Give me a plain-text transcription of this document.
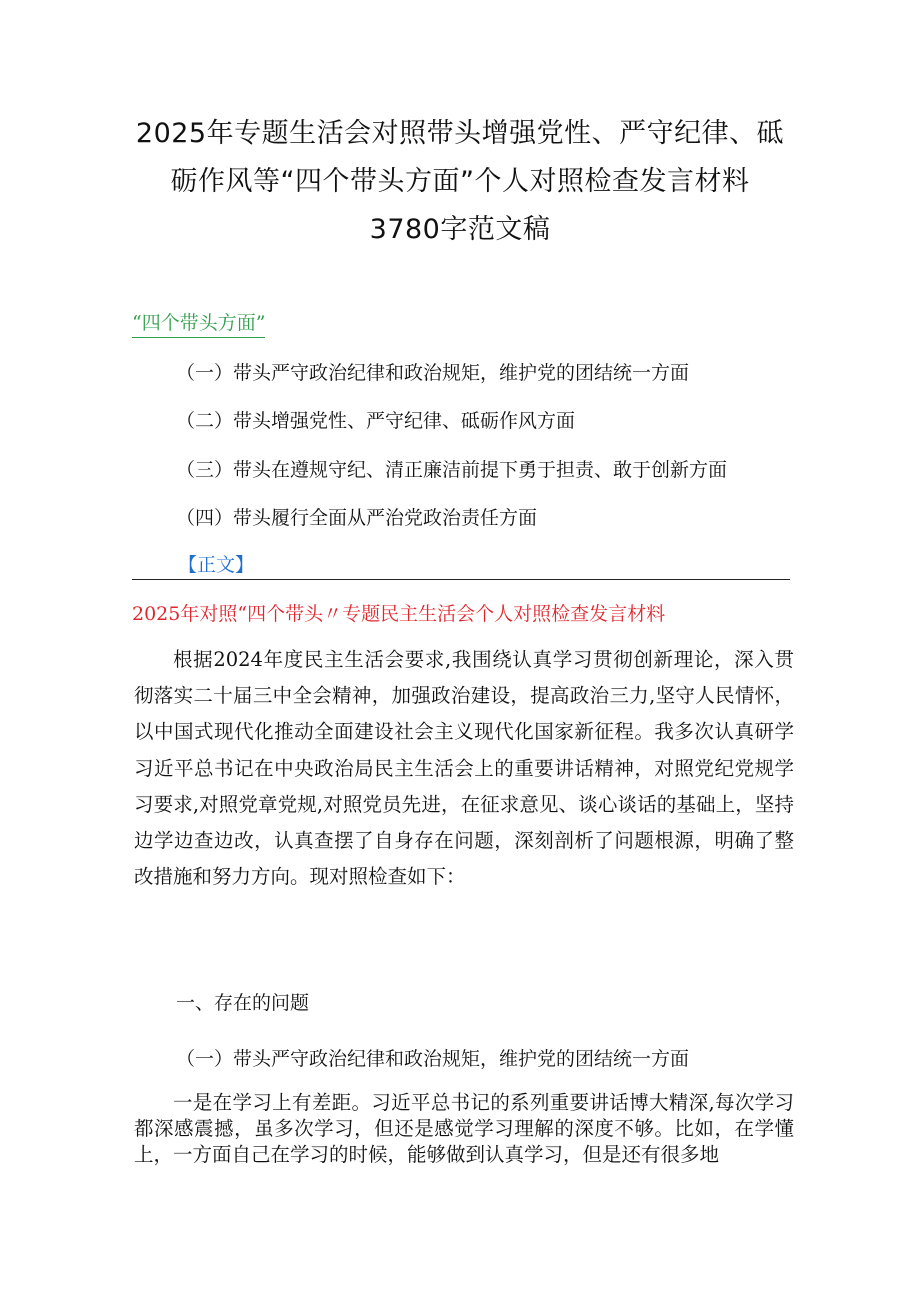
2025年专题生活会对照带头增强党性、严守纪律、砥
砺作风等“四个带头方面”个人对照检查发言材料
3780字范文稿
“四个带头方面”
（一）带头严守政治纪律和政治规矩，维护党的团结统一方面
（二）带头增强党性、严守纪律、砥砺作风方面
（三）带头在遵规守纪、清正廉洁前提下勇于担责、敢于创新方面
（四）带头履行全面从严治党政治责任方面
【正文】
2025年对照“四个带头〃专题民主生活会个人对照检查发言材料
根据2024年度民主生活会要求,我围绕认真学习贯彻创新理论，深入贯彻落实二十届三中全会精神，加强政治建设，提高政治三力,坚守人民情怀，以中国式现代化推动全面建设社会主义现代化国家新征程。我多次认真研学习近平总书记在中央政治局民主生活会上的重要讲话精神，对照党纪党规学习要求,对照党章党规,对照党员先进，在征求意见、谈心谈话的基础上，坚持边学边查边改，认真查摆了自身存在问题，深刻剖析了问题根源，明确了整改措施和努力方向。现对照检查如下：
一、存在的问题
（一）带头严守政治纪律和政治规矩，维护党的团结统一方面
一是在学习上有差距。习近平总书记的系列重要讲话博大精深,每次学习都深感震撼，虽多次学习，但还是感觉学习理解的深度不够。比如，在学懂上，一方面自己在学习的时候，能够做到认真学习，但是还有很多地
